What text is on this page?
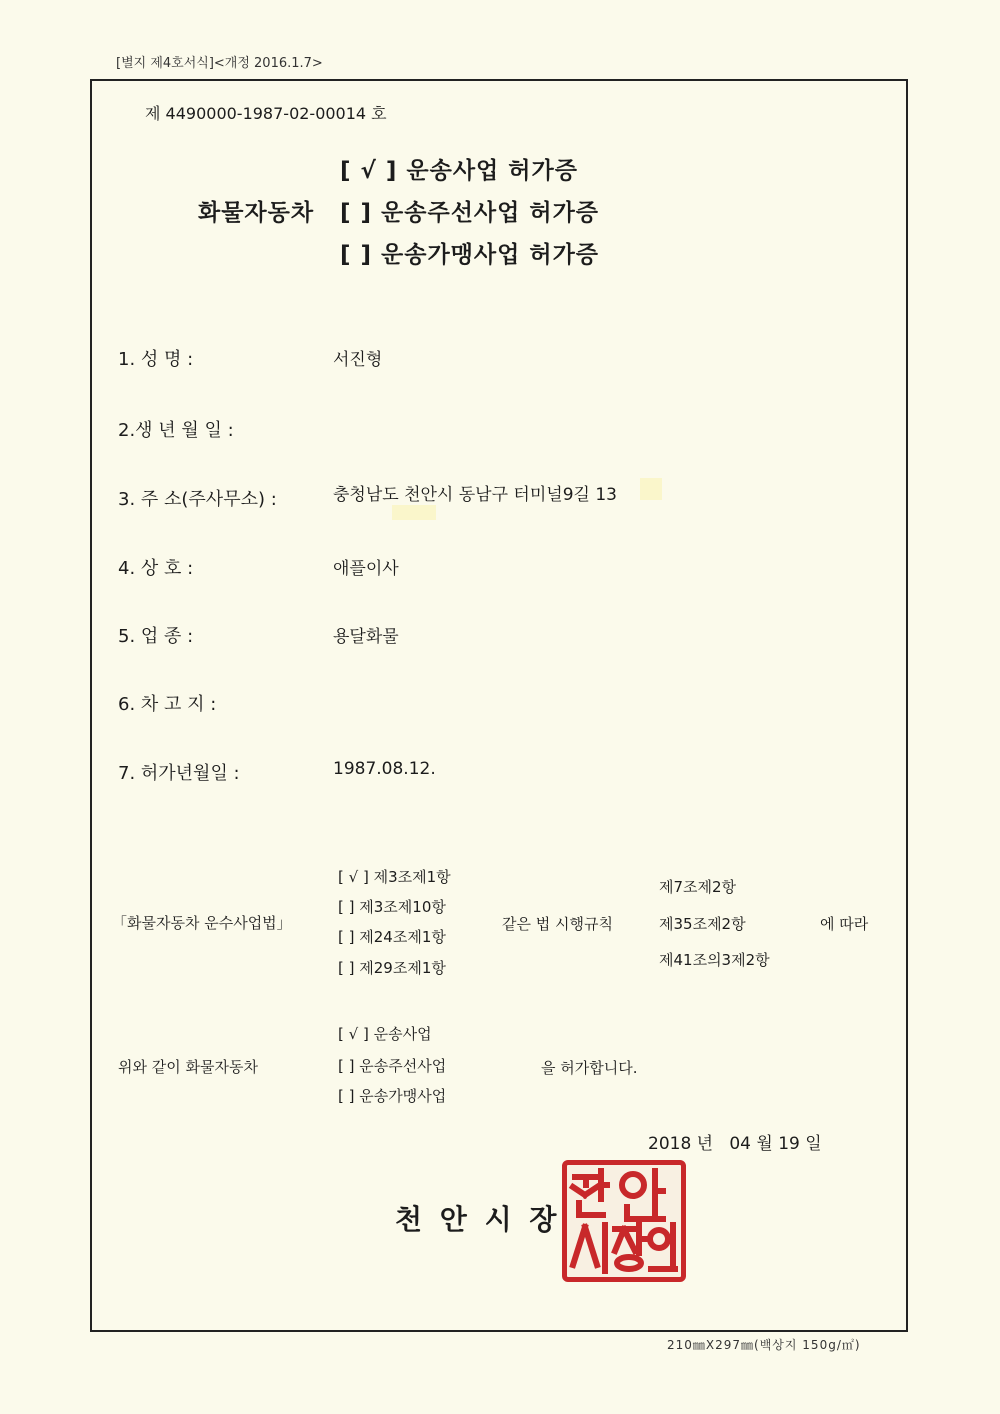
[별지 제4호서식]<개정 2016.1.7>
제 4490000-1987-02-00014 호
화물자동차
[ √ ] 운송사업 허가증
[ ] 운송주선사업 허가증
[ ] 운송가맹사업 허가증
1. 성 명 :	서진형
2.생 년 월 일 :
3. 주 소(주사무소) :	충청남도 천안시 동남구 터미널9길 13
4. 상 호 :	애플이사
5. 업 종 :	용달화물
6. 차 고 지 :
7. 허가년월일 :	1987.08.12.
「화물자동차 운수사업법」
[ √ ] 제3조제1항
[ ] 제3조제10항
[ ] 제24조제1항
[ ] 제29조제1항
같은 법 시행규칙
제7조제2항
제35조제2항
제41조의3제2항
에 따라
위와 같이 화물자동차
[ √ ] 운송사업
[ ] 운송주선사업
[ ] 운송가맹사업
을 허가합니다.
2018 년 04 월 19 일
천 안 시 장
210㎜X297㎜(백상지 150g/㎡)
